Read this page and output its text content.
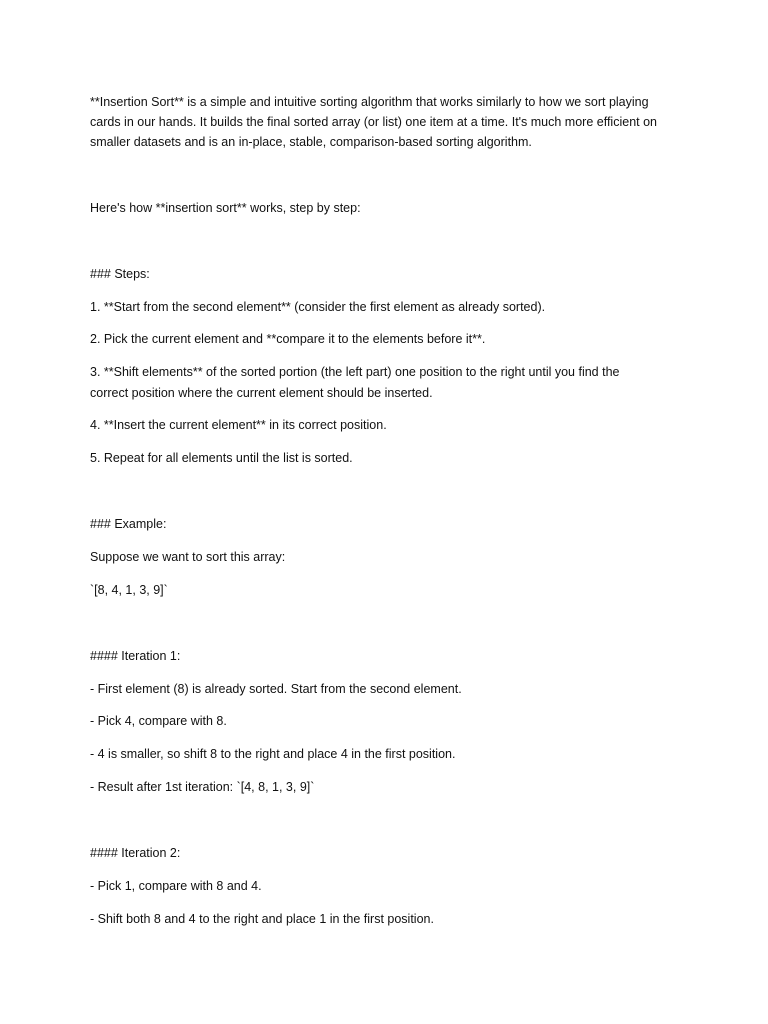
**Insertion Sort** is a simple and intuitive sorting algorithm that works similarly to how we sort playing
cards in our hands. It builds the final sorted array (or list) one item at a time. It's much more efficient on
smaller datasets and is an in-place, stable, comparison-based sorting algorithm.
Here's how **insertion sort** works, step by step:
### Steps:
1. **Start from the second element** (consider the first element as already sorted).
2. Pick the current element and **compare it to the elements before it**.
3. **Shift elements** of the sorted portion (the left part) one position to the right until you find the
correct position where the current element should be inserted.
4. **Insert the current element** in its correct position.
5. Repeat for all elements until the list is sorted.
### Example:
Suppose we want to sort this array:
`[8, 4, 1, 3, 9]`
#### Iteration 1:
- First element (8) is already sorted. Start from the second element.
- Pick 4, compare with 8.
- 4 is smaller, so shift 8 to the right and place 4 in the first position.
- Result after 1st iteration: `[4, 8, 1, 3, 9]`
#### Iteration 2:
- Pick 1, compare with 8 and 4.
- Shift both 8 and 4 to the right and place 1 in the first position.
